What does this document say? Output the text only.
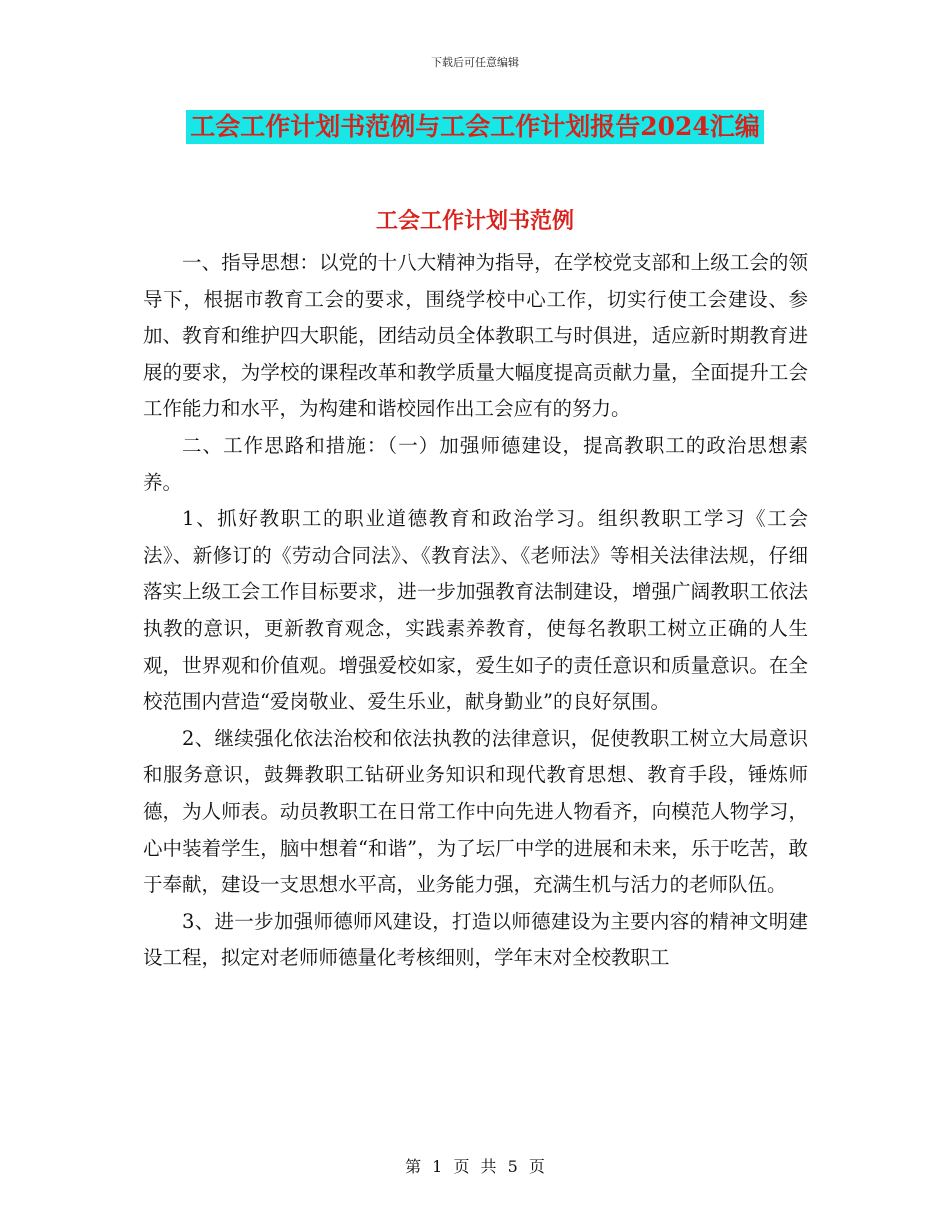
下载后可任意编辑
工会工作计划书范例与工会工作计划报告2024汇编
工会工作计划书范例

一、指导思想：以党的十八大精神为指导，在学校党支部和上级工会的领导下，根据市教育工会的要求，围绕学校中心工作，切实行使工会建设、参加、教育和维护四大职能，团结动员全体教职工与时俱进，适应新时期教育进展的要求，为学校的课程改革和教学质量大幅度提高贡献力量，全面提升工会工作能力和水平，为构建和谐校园作出工会应有的努力。

二、工作思路和措施：（一）加强师德建设，提高教职工的政治思想素养。

1、抓好教职工的职业道德教育和政治学习。组织教职工学习《工会法》、新修订的《劳动合同法》、《教育法》、《老师法》等相关法律法规，仔细落实上级工会工作目标要求，进一步加强教育法制建设，增强广阔教职工依法执教的意识，更新教育观念，实践素养教育，使每名教职工树立正确的人生观，世界观和价值观。增强爱校如家，爱生如子的责任意识和质量意识。在全校范围内营造“爱岗敬业、爱生乐业，献身勤业”的良好氛围。

2、继续强化依法治校和依法执教的法律意识，促使教职工树立大局意识和服务意识，鼓舞教职工钻研业务知识和现代教育思想、教育手段，锤炼师德，为人师表。动员教职工在日常工作中向先进人物看齐，向模范人物学习，心中装着学生，脑中想着“和谐”，为了坛厂中学的进展和未来，乐于吃苦，敢于奉献，建设一支思想水平高，业务能力强，充满生机与活力的老师队伍。

3、进一步加强师德师风建设，打造以师德建设为主要内容的精神文明建设工程，拟定对老师师德量化考核细则，学年末对全校教职工

第 1 页 共 5 页
